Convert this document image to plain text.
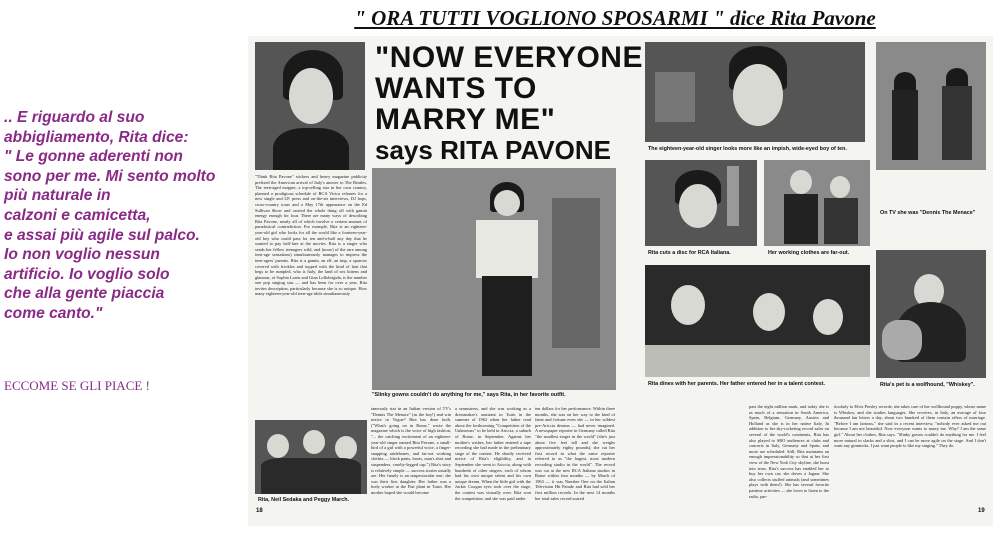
.. E riguardo al suo
abbigliamento, Rita dice:
" Le gonne aderenti non
sono per me. Mi sento molto
più naturale in
calzoni e camicetta,
e assai più agile sul palco.
Io non voglio nessun
artificio. Io voglio solo
che alla gente piaccia
come canto."
ECCOME SE GLI PIACE !
" ORA TUTTI VOGLIONO SPOSARMI " dice Rita Pavone
"NOW EVERYONE
WANTS TO
MARRY ME"
says RITA PAVONE
"Slinky gowns couldn't do anything for me," says Rita, in her favorite outfit.
"Think Rita Pavone" stickers and heavy magazine publicity prefixed the American arrival of Italy's answer to The Beatles. The teen-aged moppet, a top-selling star in her own country, planned a prodigious schedule of RCA Victor releases for a new single and LP, press and on-the-air interviews, DJ hops, cross-country tours and a May 17th appearance on the Ed Sullivan Show and carried the whole thing off with gamin energy enough for four. There are many ways of describing Rita Pavone, nearly all of which involve a certain amount of paradoxical contradiction. For example, Rita is an eighteen-year-old girl who looks for all the world like a fourteen-year-old boy who could pass for ten and-a-half any day that he wanted to pay half-fare at the movies. Rita is a singer who sends her fellow teenagers wild, and (more) of the rare among teen-age sensations) simultaneously manages to impress the teen-agers' parents. Rita is a gamin, an elf, an imp, a sparrow covered with freckles and topped with the kind of hair that begs to be rumpled, who is Italy, the land of sex kittens and glamour, of Sophia Loren and Gina Lollobrigida, is the number one pop singing star — and has been for over a year. Rita invites description, particularly because she is so unique. How many eighteen-year-old teen-age idols simultaneously
taneously star in an Italian version of TV's "Dennis The Menace" (as the boy!) and win notice in Vogue? Rita has done both. ("What's going on in Rome," wrote the magazine which is the voice of high fashion, "... the catching excitement of an eighteen-year-old singer named Rita Pavone, a small-bird of a girl with a powerful voice, a finger-snapping rattlebones, and far-out working clothes — black pants, boots, man's shirt and suspenders, cruelty-legged cap.") Rita's story is relatively simple — success stories usually are. Her family is an unspectacular one; she was their first daughter. Her father was a body worker at the Fiat plant in Turin. Her mother hoped she would become
a seamstress, and she was working as a dressmaker's assistant in Turin in the summer of 1962 when her father read about the forthcoming "Competition of the Unknowns" to be held in Ariccia, a suburb of Rome, in September. Against her mother's wishes, her father entered a tape recording she had made in the preliminary stage of the contest. He shortly received notice of Rita's eligibility, and in September she went to Ariccia, along with hundreds of other singers, each of whom had his own unique talent and his own unique dream. When the little girl with the Jackie Coogan eyes took over the stage, the contest was virtually over. Rita won the competition; and she was paid under
ten dollars for her performance. Within three months, she was on her way to the kind of fame and fortune even she — in her wildest pre-Ariccia dreams — had never imagined. A newspaper reporter in Germany called Rita "the smallest singer in the world" (she's just about five feet tall and she weighs approximately eighty pounds); she cut her first record in what the same reporter referred to as "the largest, most modern recording studio in the world". The record was cut at the new RCA Italiana studios in Rome within four months — by March of 1963 — it was Number One on the Italian Television Hit Parade and Rita had sold her first million records. In the next 14 months her total sales record soared
past the eight million mark, and today she is as much of a sensation in South America, Spain, Belgium, Germany, Austria and Holland as she is in her native Italy. In addition to her sky-rocketing record sales on several of the world's continents, Rita has also played to SRO audiences at clubs and concerts in Italy, Germany and Spain, and more are scheduled. Still, Rita maintains an enough impressionability so that at her first view of the New York City skyline, she burst into tears. Rita's success has enabled her to buy her own car; she drives a Jaguar. She also collects stuffed animals (and sometimes plays with them!). She has several favorite pastime activities — she loves to listen to the radio, par-
ticularly to Elvis Presley records; she takes care of her wolfhound puppy, whose name is Whiskey, and she studies languages. She receives, in Italy, an average of four thousand fan letters a day, about two hundred of them contain offers of marriage. "Before I am famous," she said in a recent interview, "nobody ever asked me out because I am not beautiful. Now everyone wants to marry me. Why? I am the same girl." About her clothes, Rita says, "Slinky gowns couldn't do anything for me. I feel more natural in slacks and a shirt, and I can be more agile on the stage. And I don't want any gimmicks. I just want people to like my singing." They do.
Rita, Neil Sedaka and Peggy March.
18
The eighteen-year-old singer looks more like an impish, wide-eyed boy of ten.
On TV she was "Dennis The Menace"
Rita cuts a disc for RCA Italiana.	Her working clothes are far-out.
Rita dines with her parents. Her father entered her in a talent contest.	Rita's pet is a wolfhound, "Whiskey".
19
